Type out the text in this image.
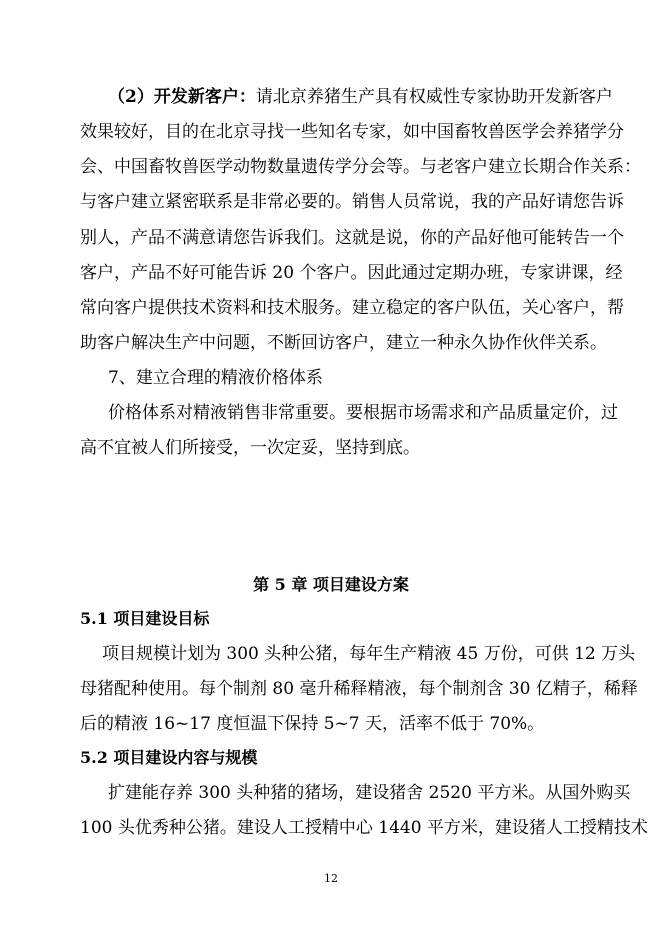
（2）开发新客户：请北京养猪生产具有权威性专家协助开发新客户
效果较好，目的在北京寻找一些知名专家，如中国畜牧兽医学会养猪学分
会、中国畜牧兽医学动物数量遗传学分会等。与老客户建立长期合作关系：
与客户建立紧密联系是非常必要的。销售人员常说，我的产品好请您告诉
别人，产品不满意请您告诉我们。这就是说，你的产品好他可能转告一个
客户，产品不好可能告诉 20 个客户。因此通过定期办班，专家讲课，经
常向客户提供技术资料和技术服务。建立稳定的客户队伍，关心客户，帮
助客户解决生产中问题，不断回访客户，建立一种永久协作伙伴关系。
7、建立合理的精液价格体系
价格体系对精液销售非常重要。要根据市场需求和产品质量定价，过
高不宜被人们所接受，一次定妥，坚持到底。
第 5 章 项目建设方案
5.1 项目建设目标
项目规模计划为 300 头种公猪，每年生产精液 45 万份，可供 12 万头
母猪配种使用。每个制剂 80 毫升稀释精液，每个制剂含 30 亿精子，稀释
后的精液 16~17 度恒温下保持 5~7 天，活率不低于 70%。
5.2 项目建设内容与规模
扩建能存养 300 头种猪的猪场，建设猪舍 2520 平方米。从国外购买
100 头优秀种公猪。建设人工授精中心 1440 平方米，建设猪人工授精技术
12
